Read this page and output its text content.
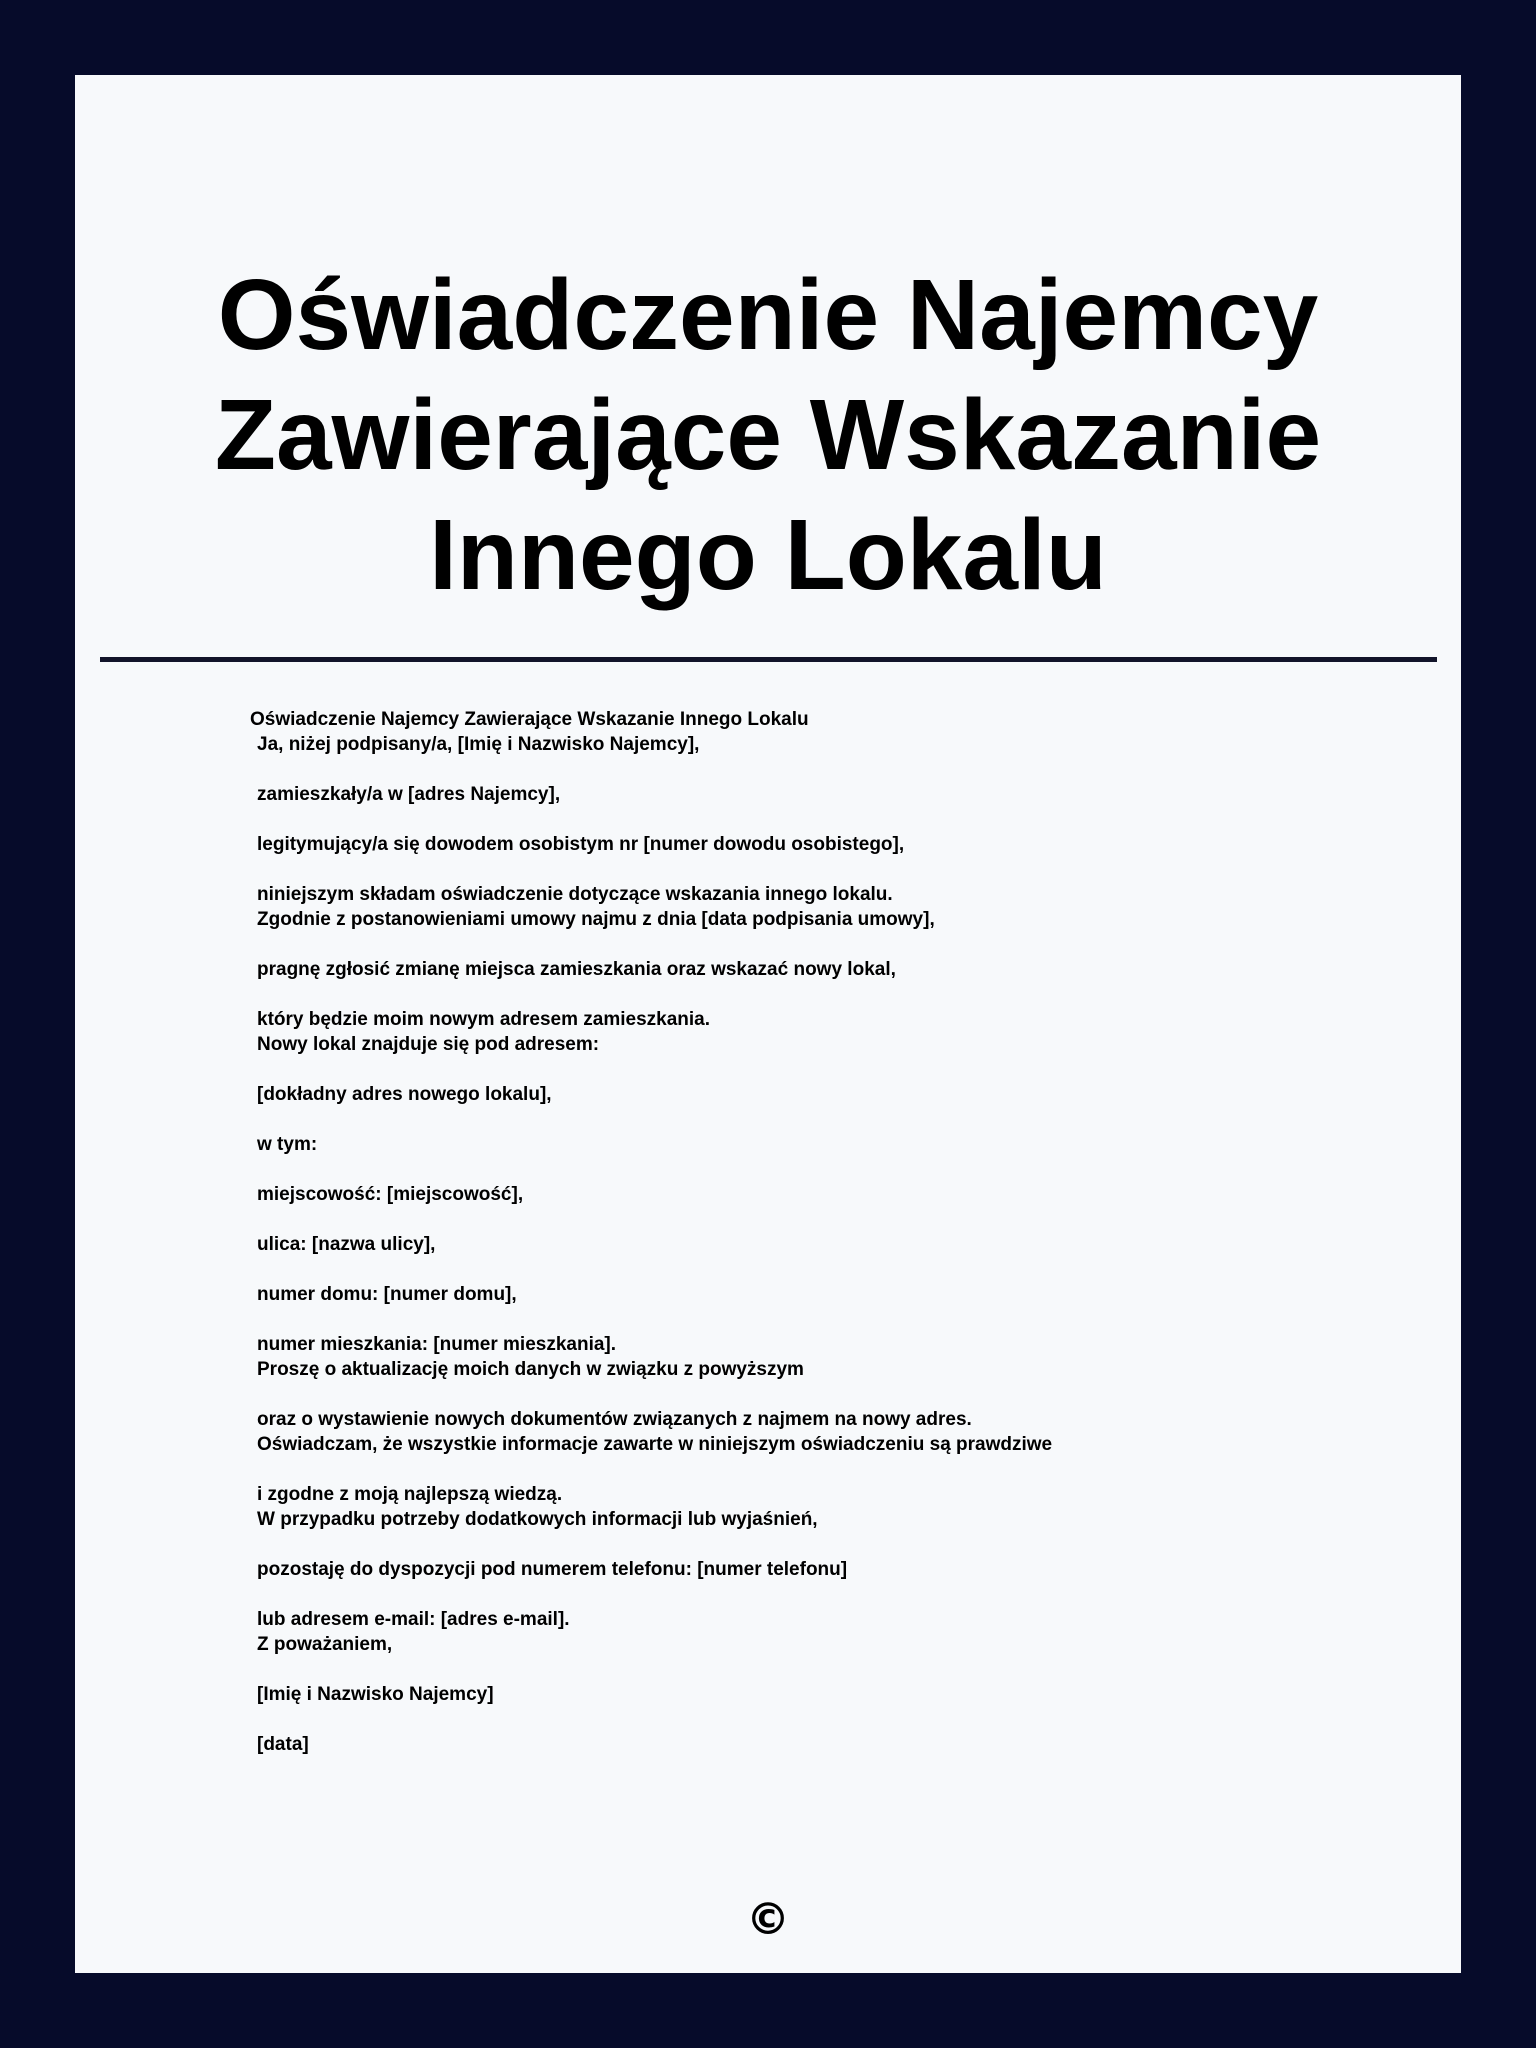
Oświadczenie Najemcy Zawierające Wskazanie Innego Lokalu
Oświadczenie Najemcy Zawierające Wskazanie Innego Lokalu
Ja, niżej podpisany/a, [Imię i Nazwisko Najemcy],
zamieszkały/a w [adres Najemcy],
legitymujący/a się dowodem osobistym nr [numer dowodu osobistego],
niniejszym składam oświadczenie dotyczące wskazania innego lokalu.
Zgodnie z postanowieniami umowy najmu z dnia [data podpisania umowy],
pragnę zgłosić zmianę miejsca zamieszkania oraz wskazać nowy lokal,
który będzie moim nowym adresem zamieszkania.
Nowy lokal znajduje się pod adresem:
[dokładny adres nowego lokalu],
w tym:
miejscowość: [miejscowość],
ulica: [nazwa ulicy],
numer domu: [numer domu],
numer mieszkania: [numer mieszkania].
Proszę o aktualizację moich danych w związku z powyższym
oraz o wystawienie nowych dokumentów związanych z najmem na nowy adres.
Oświadczam, że wszystkie informacje zawarte w niniejszym oświadczeniu są prawdziwe
i zgodne z moją najlepszą wiedzą.
W przypadku potrzeby dodatkowych informacji lub wyjaśnień,
pozostaję do dyspozycji pod numerem telefonu: [numer telefonu]
lub adresem e-mail: [adres e-mail].
Z poważaniem,
[Imię i Nazwisko Najemcy]
[data]
©
